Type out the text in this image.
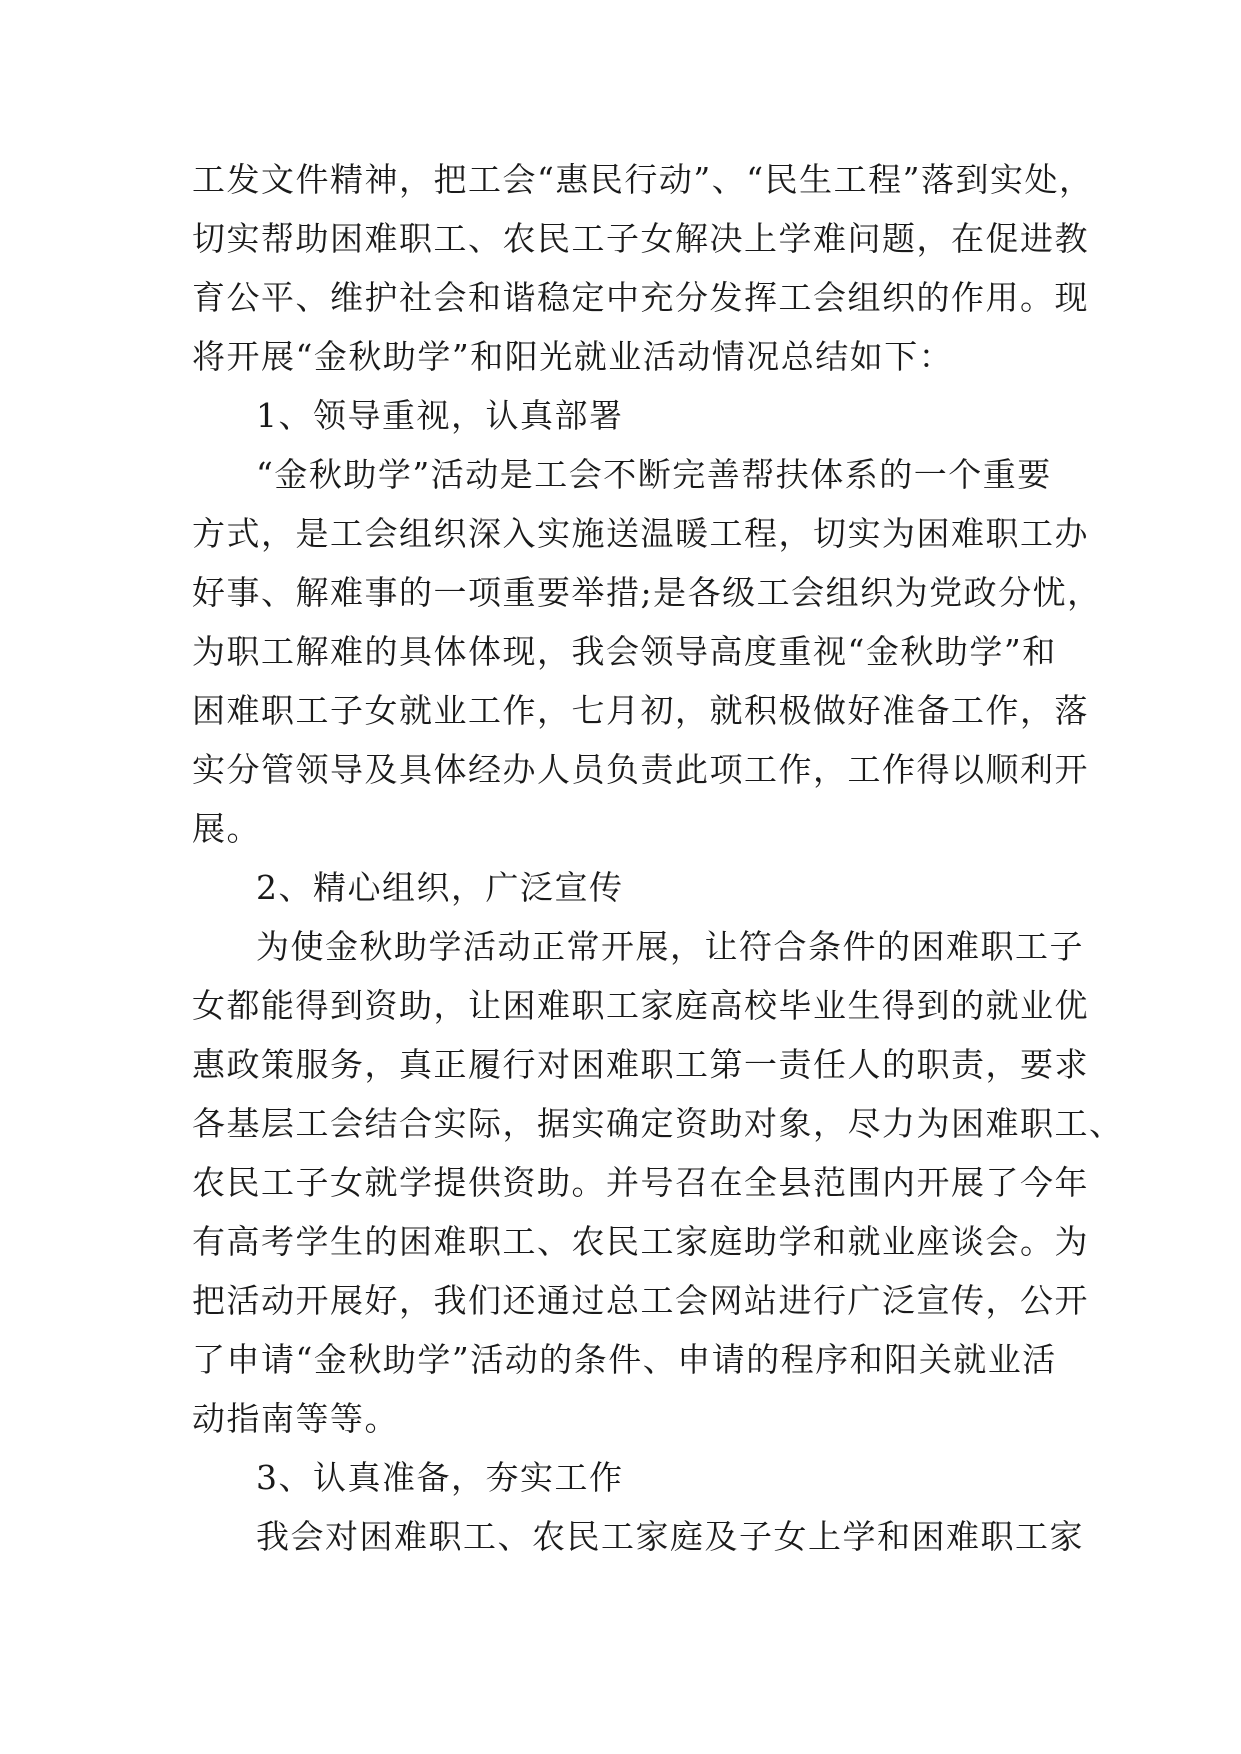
工发文件精神，把工会“惠民行动”、“民生工程”落到实处，
切实帮助困难职工、农民工子女解决上学难问题，在促进教
育公平、维护社会和谐稳定中充分发挥工会组织的作用。现
将开展“金秋助学”和阳光就业活动情况总结如下：
1、领导重视，认真部署
“金秋助学”活动是工会不断完善帮扶体系的一个重要
方式，是工会组织深入实施送温暖工程，切实为困难职工办
好事、解难事的一项重要举措;是各级工会组织为党政分忧，
为职工解难的具体体现，我会领导高度重视“金秋助学”和
困难职工子女就业工作，七月初，就积极做好准备工作，落
实分管领导及具体经办人员负责此项工作，工作得以顺利开
展。
2、精心组织，广泛宣传
为使金秋助学活动正常开展，让符合条件的困难职工子
女都能得到资助，让困难职工家庭高校毕业生得到的就业优
惠政策服务，真正履行对困难职工第一责任人的职责，要求
各基层工会结合实际，据实确定资助对象，尽力为困难职工、
农民工子女就学提供资助。并号召在全县范围内开展了今年
有高考学生的困难职工、农民工家庭助学和就业座谈会。为
把活动开展好，我们还通过总工会网站进行广泛宣传，公开
了申请“金秋助学”活动的条件、申请的程序和阳关就业活
动指南等等。
3、认真准备，夯实工作
我会对困难职工、农民工家庭及子女上学和困难职工家
